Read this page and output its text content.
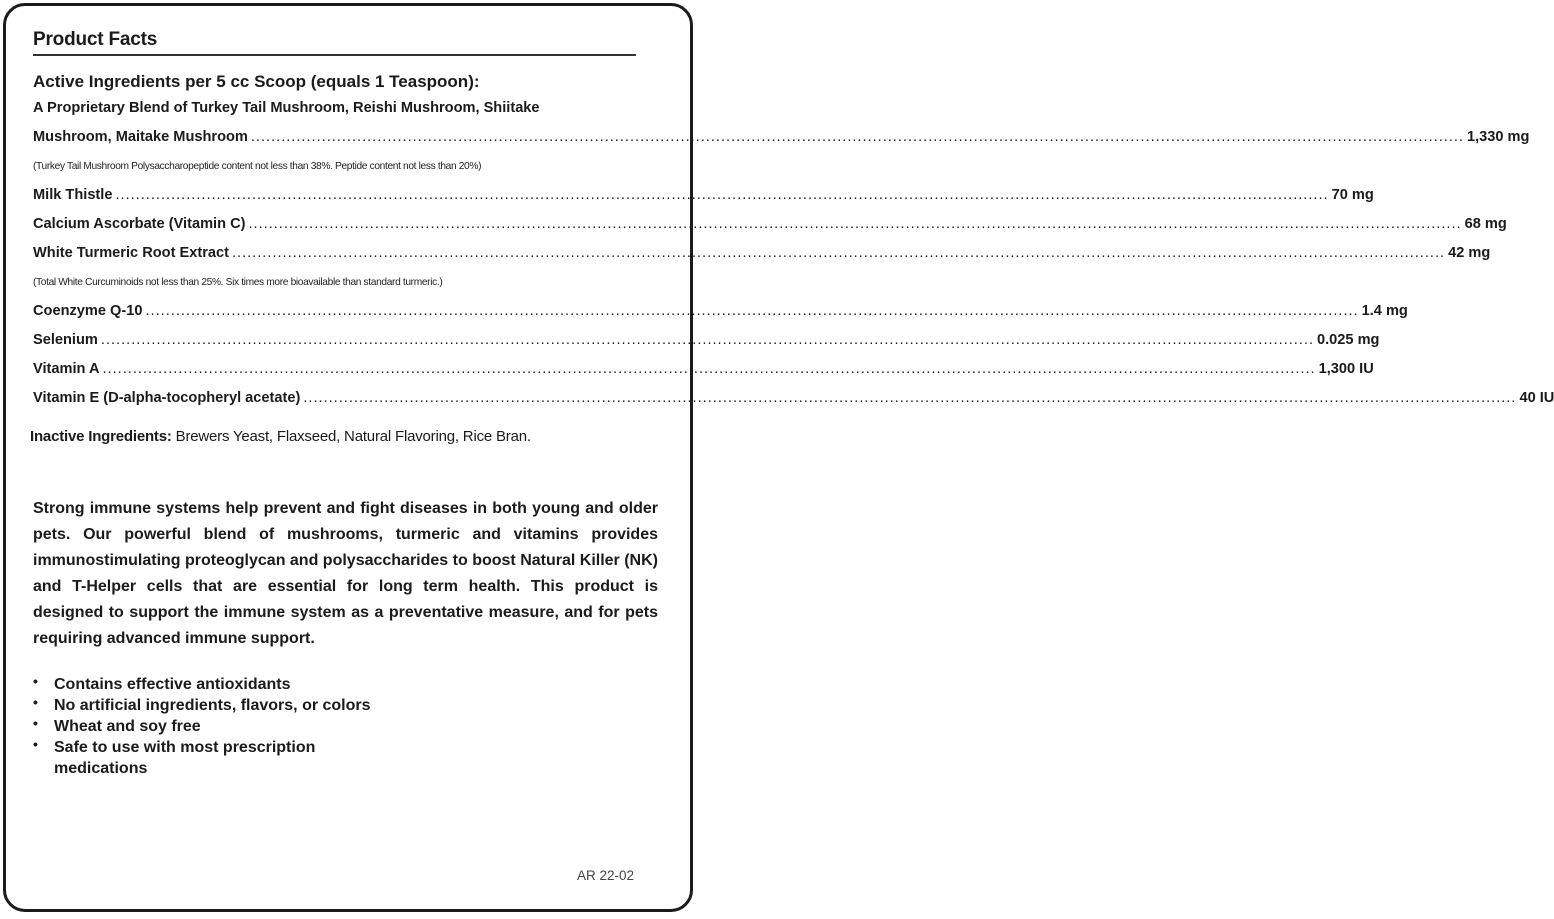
Product Facts
Active Ingredients per 5 cc Scoop (equals 1 Teaspoon):
A Proprietary Blend of Turkey Tail Mushroom, Reishi Mushroom, Shiitake
Mushroom, Maitake Mushroom ................................................................................................................................................................................................................................................ 1,330 mg
(Turkey Tail Mushroom Polysaccharopeptide content not less than 38%. Peptide content not less than 20%)
Milk Thistle ................................................................................................................................................................................................................................................ 70 mg
Calcium Ascorbate (Vitamin C) ................................................................................................................................................................................................................................................ 68 mg
White Turmeric Root Extract ................................................................................................................................................................................................................................................ 42 mg
(Total White Curcuminoids not less than 25%. Six times more bioavailable than standard turmeric.)
Coenzyme Q-10 ................................................................................................................................................................................................................................................ 1.4 mg
Selenium ................................................................................................................................................................................................................................................ 0.025 mg
Vitamin A ................................................................................................................................................................................................................................................ 1,300 IU
Vitamin E (D-alpha-tocopheryl acetate) ................................................................................................................................................................................................................................................ 40 IU
Inactive Ingredients: Brewers Yeast, Flaxseed, Natural Flavoring, Rice Bran.
Strong immune systems help prevent and fight diseases in both young and older pets. Our powerful blend of mushrooms, turmeric and vitamins provides immunostimulating proteoglycan and polysaccharides to boost Natural Killer (NK) and T-Helper cells that are essential for long term health. This product is designed to support the immune system as a preventative measure, and for pets requiring advanced immune support.
• Contains effective antioxidants
• No artificial ingredients, flavors, or colors
• Wheat and soy free
• Safe to use with most prescription medications
AR 22-02
